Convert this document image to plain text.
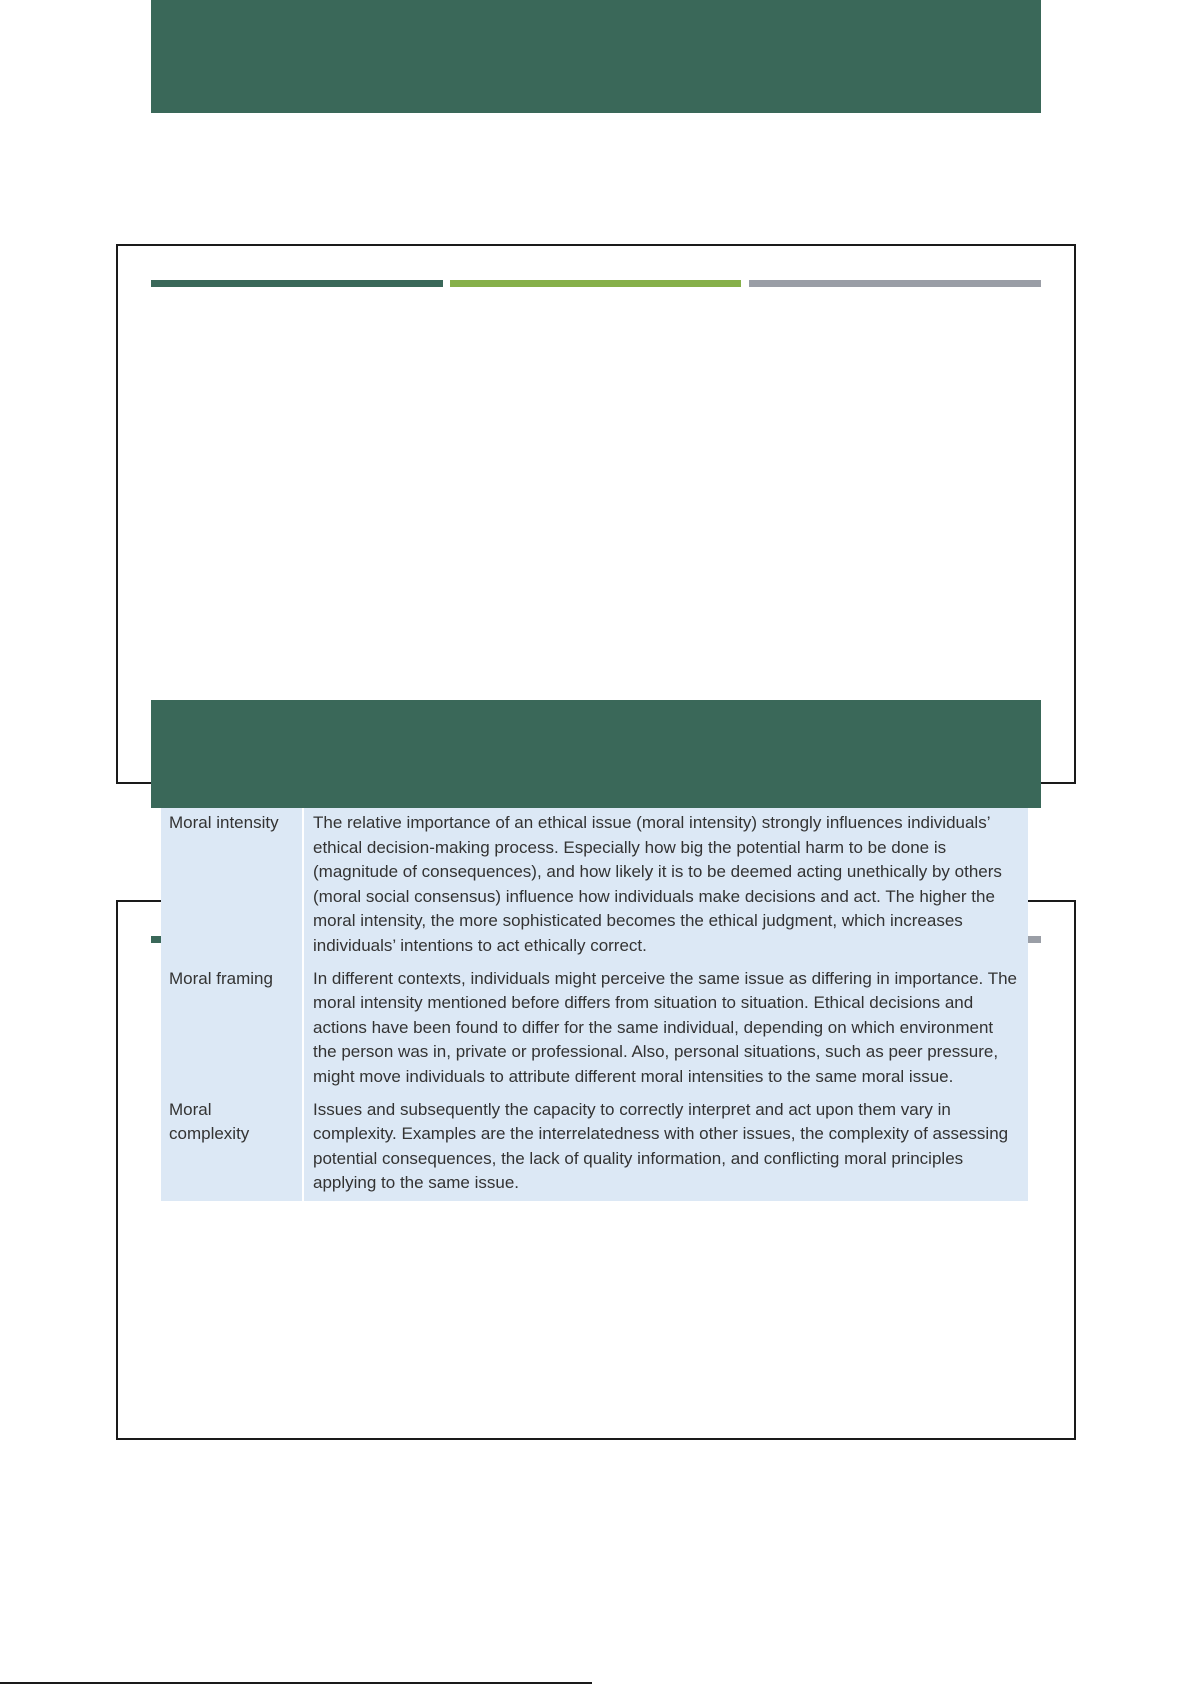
Moral intensity	The relative importance of an ethical issue (moral intensity) strongly influences individuals’ ethical decision-making process. Especially how big the potential harm to be done is (magnitude of consequences), and how likely it is to be deemed acting unethically by others (moral social consensus) influence how individuals make decisions and act. The higher the moral intensity, the more sophisticated becomes the ethical judgment, which increases individuals’ intentions to act ethically correct.
Moral framing	In different contexts, individuals might perceive the same issue as differing in importance. The moral intensity mentioned before differs from situation to situation. Ethical decisions and actions have been found to differ for the same individual, depending on which environment the person was in, private or professional. Also, personal situations, such as peer pressure, might move individuals to attribute different moral intensities to the same moral issue.
Moral complexity	Issues and subsequently the capacity to correctly interpret and act upon them vary in complexity. Examples are the interrelatedness with other issues, the complexity of assessing potential consequences, the lack of quality information, and conflicting moral principles applying to the same issue.
